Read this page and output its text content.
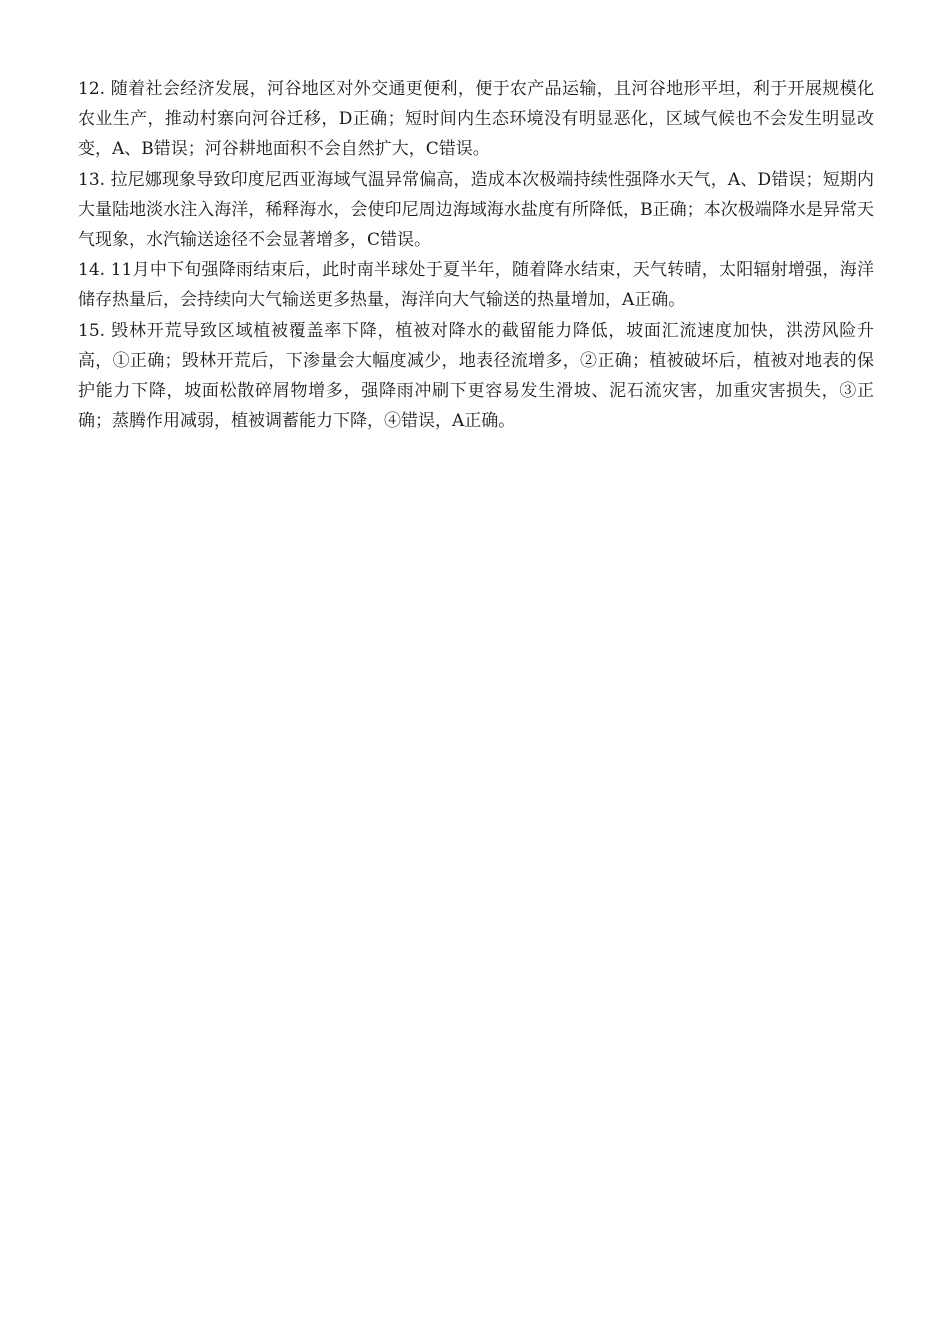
12. 随着社会经济发展，河谷地区对外交通更便利，便于农产品运输，且河谷地形平坦，利于开展规模化农业生产，推动村寨向河谷迁移，D正确；短时间内生态环境没有明显恶化，区域气候也不会发生明显改变，A、B错误；河谷耕地面积不会自然扩大，C错误。

13. 拉尼娜现象导致印度尼西亚海域气温异常偏高，造成本次极端持续性强降水天气，A、D错误；短期内大量陆地淡水注入海洋，稀释海水，会使印尼周边海域海水盐度有所降低，B正确；本次极端降水是异常天气现象，水汽输送途径不会显著增多，C错误。

14. 11月中下旬强降雨结束后，此时南半球处于夏半年，随着降水结束，天气转晴，太阳辐射增强，海洋储存热量后，会持续向大气输送更多热量，海洋向大气输送的热量增加，A正确。

15. 毁林开荒导致区域植被覆盖率下降，植被对降水的截留能力降低，坡面汇流速度加快，洪涝风险升高，①正确；毁林开荒后，下渗量会大幅度减少，地表径流增多，②正确；植被破坏后，植被对地表的保护能力下降，坡面松散碎屑物增多，强降雨冲刷下更容易发生滑坡、泥石流灾害，加重灾害损失，③正确；蒸腾作用减弱，植被调蓄能力下降，④错误，A正确。
